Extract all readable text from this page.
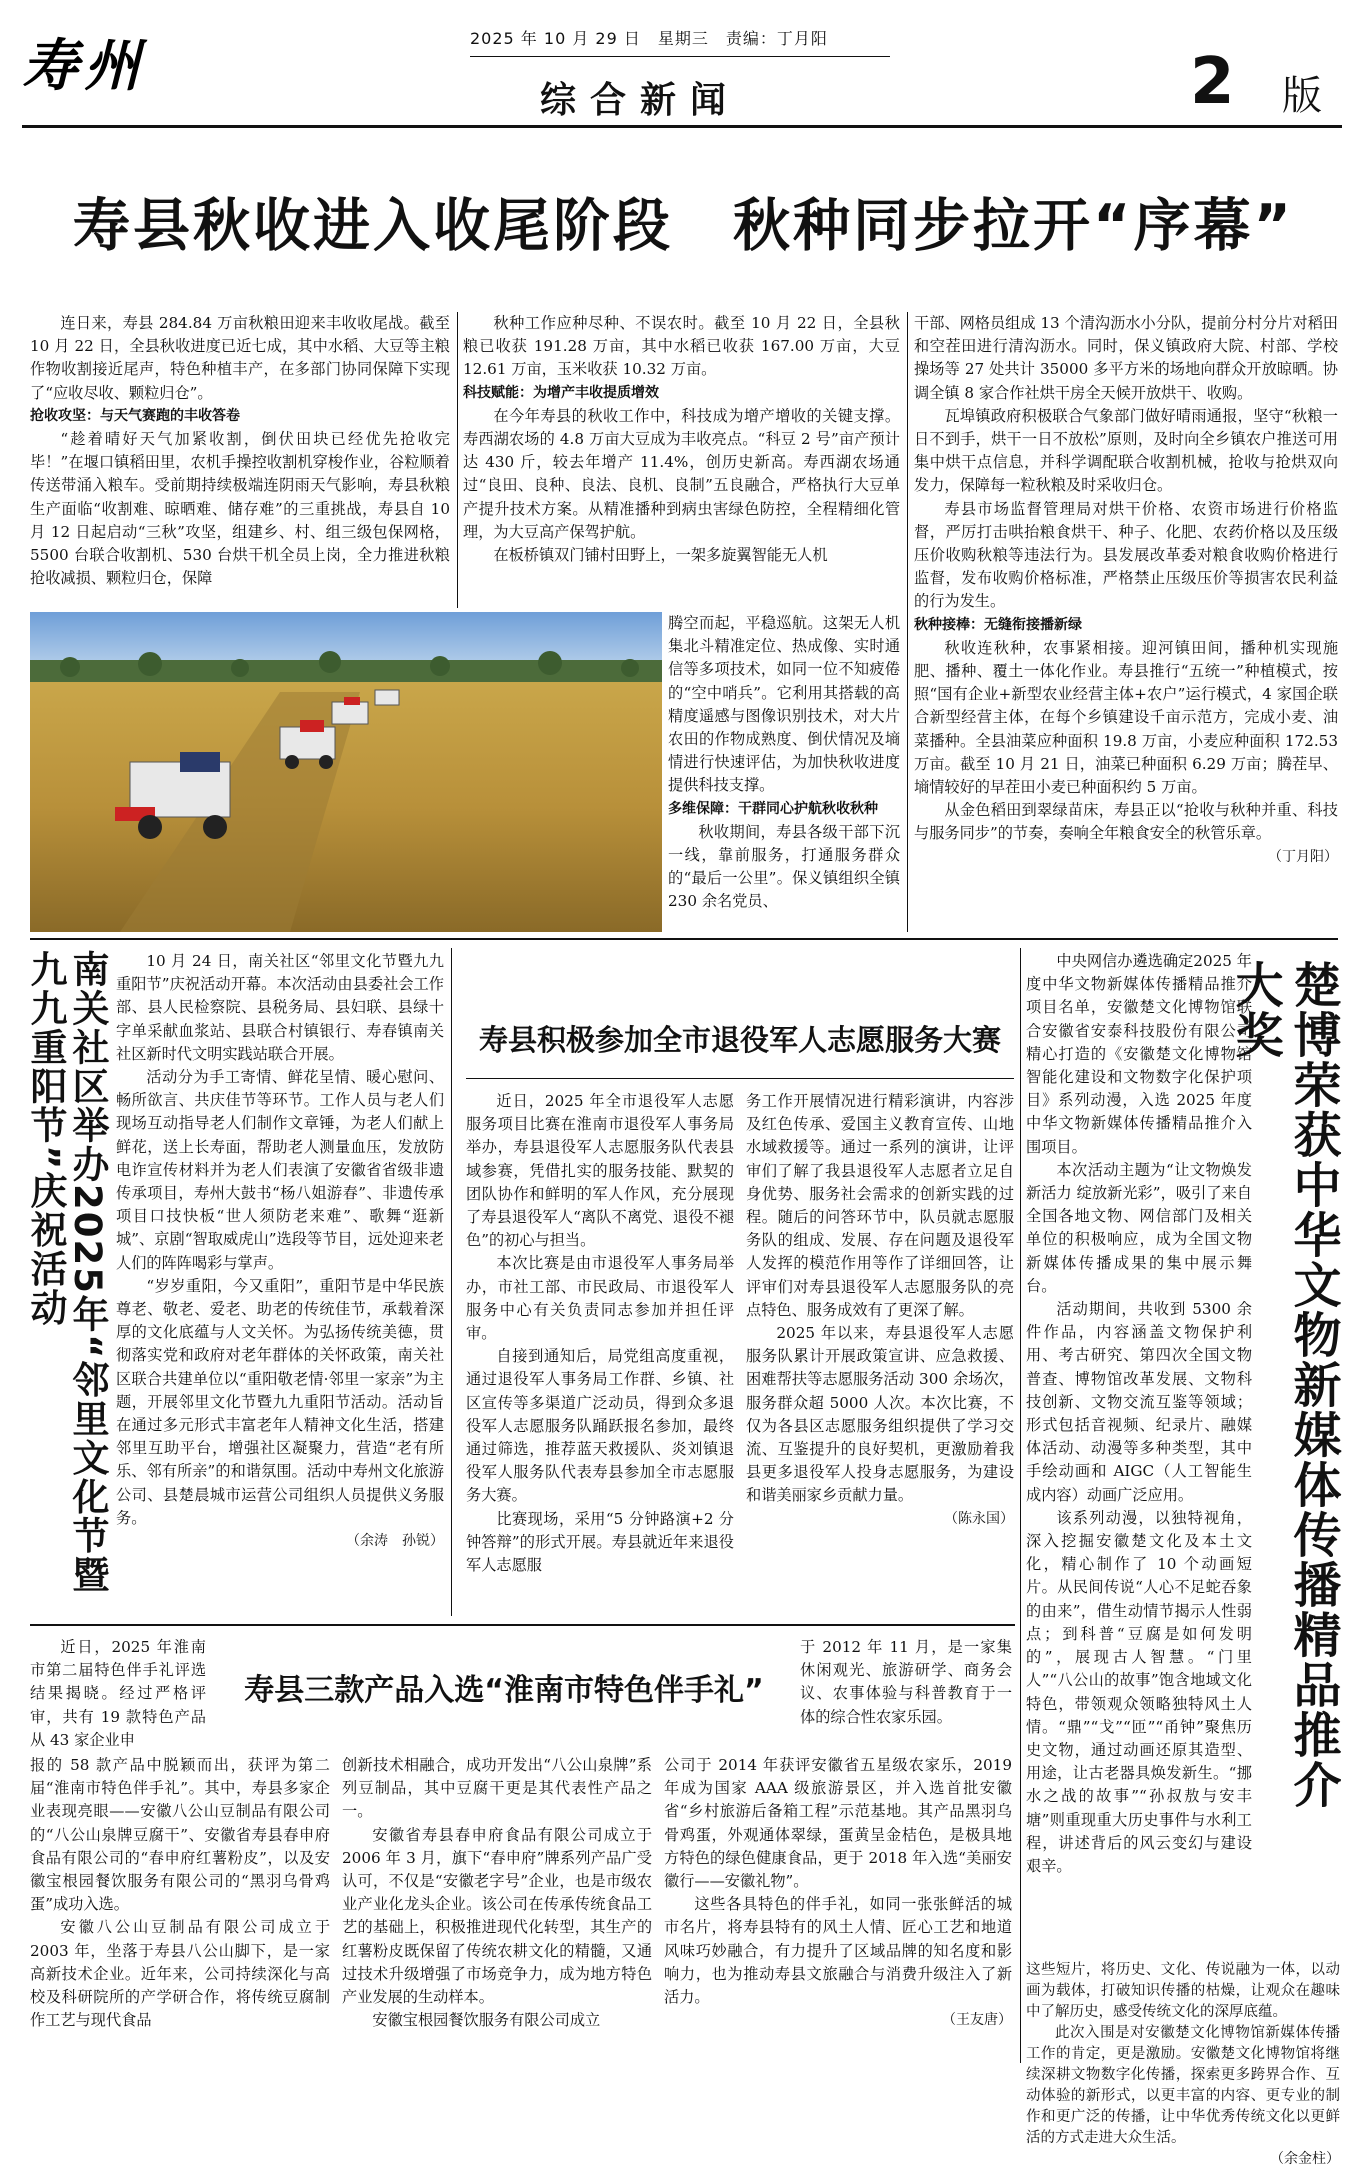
寿州	2025 年 10 月 29 日　星期三　责编：丁月阳
综合新闻	2 版
寿县秋收进入收尾阶段　秋种同步拉开“序幕”

连日来，寿县 284.84 万亩秋粮田迎来丰收收尾战。截至 10 月 22 日，全县秋收进度已近七成，其中水稻、大豆等主粮作物收割接近尾声，特色种植丰产，在多部门协同保障下实现了“应收尽收、颗粒归仓”。

抢收攻坚：与天气赛跑的丰收答卷

“趁着晴好天气加紧收割，倒伏田块已经优先抢收完毕！”在堰口镇稻田里，农机手操控收割机穿梭作业，谷粒顺着传送带涌入粮车。受前期持续极端连阴雨天气影响，寿县秋粮生产面临“收割难、晾晒难、储存难”的三重挑战，寿县自 10 月 12 日起启动“三秋”攻坚，组建乡、村、组三级包保网格，5500 台联合收割机、530 台烘干机全员上岗，全力推进秋粮抢收减损、颗粒归仓，保障

秋种工作应种尽种、不误农时。截至 10 月 22 日，全县秋粮已收获 191.28 万亩，其中水稻已收获 167.00 万亩，大豆 12.61 万亩，玉米收获 10.32 万亩。

科技赋能：为增产丰收提质增效

在今年寿县的秋收工作中，科技成为增产增收的关键支撑。寿西湖农场的 4.8 万亩大豆成为丰收亮点。“科豆 2 号”亩产预计达 430 斤，较去年增产 11.4%，创历史新高。寿西湖农场通过“良田、良种、良法、良机、良制”五良融合，严格执行大豆单产提升技术方案。从精准播种到病虫害绿色防控，全程精细化管理，为大豆高产保驾护航。

在板桥镇双门铺村田野上，一架多旋翼智能无人机

腾空而起，平稳巡航。这架无人机集北斗精准定位、热成像、实时通信等多项技术，如同一位不知疲倦的“空中哨兵”。它利用其搭载的高精度遥感与图像识别技术，对大片农田的作物成熟度、倒伏情况及墒情进行快速评估，为加快秋收进度提供科技支撑。

多维保障：干群同心护航秋收秋种

秋收期间，寿县各级干部下沉一线，靠前服务，打通服务群众的“最后一公里”。保义镇组织全镇230 余名党员、

干部、网格员组成 13 个清沟沥水小分队，提前分村分片对稻田和空茬田进行清沟沥水。同时，保义镇政府大院、村部、学校操场等 27 处共计 35000 多平方米的场地向群众开放晾晒。协调全镇 8 家合作社烘干房全天候开放烘干、收购。

瓦埠镇政府积极联合气象部门做好晴雨通报，坚守“秋粮一日不到手，烘干一日不放松”原则，及时向全乡镇农户推送可用集中烘干点信息，并科学调配联合收割机械，抢收与抢烘双向发力，保障每一粒秋粮及时采收归仓。

寿县市场监督管理局对烘干价格、农资市场进行价格监督，严厉打击哄抬粮食烘干、种子、化肥、农药价格以及压级压价收购秋粮等违法行为。县发展改革委对粮食收购价格进行监督，发布收购价格标准，严格禁止压级压价等损害农民利益的行为发生。

秋种接棒：无缝衔接播新绿

秋收连秋种，农事紧相接。迎河镇田间，播种机实现施肥、播种、覆土一体化作业。寿县推行“五统一”种植模式，按照“国有企业+新型农业经营主体+农户”运行模式，4 家国企联合新型经营主体，在每个乡镇建设千亩示范方，完成小麦、油菜播种。全县油菜应种面积 19.8 万亩，小麦应种面积 172.53 万亩。截至 10 月 21 日，油菜已种面积 6.29 万亩；腾茬早、墒情较好的早茬田小麦已种面积约 5 万亩。

从金色稻田到翠绿苗床，寿县正以“抢收与秋种并重、科技与服务同步”的节奏，奏响全年粮食安全的秋管乐章。

（丁月阳）
南关社区举办2025年“邻里文化节暨九九重阳节”庆祝活动	10 月 24 日，南关社区“邻里文化节暨九九重阳节”庆祝活动开幕。本次活动由县委社会工作部、县人民检察院、县税务局、县妇联、县绿十字单采献血浆站、县联合村镇银行、寿春镇南关社区新时代文明实践站联合开展。

活动分为手工寄情、鲜花呈情、暖心慰问、畅所欲言、共庆佳节等环节。工作人员与老人们现场互动指导老人们制作文章锤，为老人们献上鲜花，送上长寿面，帮助老人测量血压，发放防电诈宣传材料并为老人们表演了安徽省省级非遗传承项目，寿州大鼓书“杨八姐游春”、非遗传承项目口技快板“世人须防老来难”、歌舞“逛新城”、京剧“智取威虎山”选段等节目，远处迎来老人们的阵阵喝彩与掌声。

“岁岁重阳，今又重阳”，重阳节是中华民族尊老、敬老、爱老、助老的传统佳节，承载着深厚的文化底蕴与人文关怀。为弘扬传统美德，贯彻落实党和政府对老年群体的关怀政策，南关社区联合共建单位以“重阳敬老情·邻里一家亲”为主题，开展邻里文化节暨九九重阳节活动。活动旨在通过多元形式丰富老年人精神文化生活，搭建邻里互助平台，增强社区凝聚力，营造“老有所乐、邻有所亲”的和谐氛围。活动中寿州文化旅游公司、县楚晨城市运营公司组织人员提供义务服务。

（余涛　孙锐）
寿县积极参加全市退役军人志愿服务大赛

近日，2025 年全市退役军人志愿服务项目比赛在淮南市退役军人事务局举办，寿县退役军人志愿服务队代表县域参赛，凭借扎实的服务技能、默契的团队协作和鲜明的军人作风，充分展现了寿县退役军人“离队不离党、退役不褪色”的初心与担当。

本次比赛是由市退役军人事务局举办，市社工部、市民政局、市退役军人服务中心有关负责同志参加并担任评审。

自接到通知后，局党组高度重视，通过退役军人事务局工作群、乡镇、社区宣传等多渠道广泛动员，得到众多退役军人志愿服务队踊跃报名参加，最终通过筛选，推荐蓝天救援队、炎刘镇退役军人服务队代表寿县参加全市志愿服务大赛。

比赛现场，采用“5 分钟路演+2 分钟答辩”的形式开展。寿县就近年来退役军人志愿服

务工作开展情况进行精彩演讲，内容涉及红色传承、爱国主义教育宣传、山地水域救援等。通过一系列的演讲，让评审们了解了我县退役军人志愿者立足自身优势、服务社会需求的创新实践的过程。随后的问答环节中，队员就志愿服务队的组成、发展、存在问题及退役军人发挥的模范作用等作了详细回答，让评审们对寿县退役军人志愿服务队的亮点特色、服务成效有了更深了解。

2025 年以来，寿县退役军人志愿服务队累计开展政策宣讲、应急救援、困难帮扶等志愿服务活动 300 余场次，服务群众超 5000 人次。本次比赛，不仅为各县区志愿服务组织提供了学习交流、互鉴提升的良好契机，更激励着我县更多退役军人投身志愿服务，为建设和谐美丽家乡贡献力量。

（陈永国）

中央网信办遴选确定2025 年度中华文物新媒体传播精品推介项目名单，安徽楚文化博物馆联合安徽省安泰科技股份有限公司精心打造的《安徽楚文化博物馆智能化建设和文物数字化保护项目》系列动漫，入选 2025 年度中华文物新媒体传播精品推介入围项目。

本次活动主题为“让文物焕发新活力 绽放新光彩”，吸引了来自全国各地文物、网信部门及相关单位的积极响应，成为全国文物新媒体传播成果的集中展示舞台。

活动期间，共收到 5300 余件作品，内容涵盖文物保护利用、考古研究、第四次全国文物普查、博物馆改革发展、文物科技创新、文物交流互鉴等领域；形式包括音视频、纪录片、融媒体活动、动漫等多种类型，其中手绘动画和 AIGC（人工智能生成内容）动画广泛应用。

该系列动漫，以独特视角，深入挖掘安徽楚文化及本土文化，精心制作了 10 个动画短片。从民间传说“人心不足蛇吞象的由来”，借生动情节揭示人性弱点；到科普“豆腐是如何发明的”，展现古人智慧。“门里人”“八公山的故事”饱含地域文化特色，带领观众领略独特风土人情。“鼎”“戈”“匝”“甬钟”聚焦历史文物，通过动画还原其造型、用途，让古老器具焕发新生。“挪水之战的故事”“孙叔敖与安丰塘”则重现重大历史事件与水利工程，讲述背后的风云变幻与建设艰辛。

楚博荣获中华文物新媒体传播精品推介大奖

这些短片，将历史、文化、传说融为一体，以动画为载体，打破知识传播的枯燥，让观众在趣味中了解历史，感受传统文化的深厚底蕴。

此次入围是对安徽楚文化博物馆新媒体传播工作的肯定，更是激励。安徽楚文化博物馆将继续深耕文物数字化传播，探索更多跨界合作、互动体验的新形式，以更丰富的内容、更专业的制作和更广泛的传播，让中华优秀传统文化以更鲜活的方式走进大众生活。

（余金柱）

近日，2025 年淮南市第二届特色伴手礼评选结果揭晓。经过严格评审，共有 19 款特色产品从 43 家企业申

寿县三款产品入选“淮南市特色伴手礼”

于 2012 年 11 月，是一家集休闲观光、旅游研学、商务会议、农事体验与科普教育于一体的综合性农家乐园。

报的 58 款产品中脱颖而出，获评为第二届“淮南市特色伴手礼”。其中，寿县多家企业表现亮眼——安徽八公山豆制品有限公司的“八公山泉牌豆腐干”、安徽省寿县春申府食品有限公司的“春申府红薯粉皮”，以及安徽宝根园餐饮服务有限公司的“黑羽乌骨鸡蛋”成功入选。

安徽八公山豆制品有限公司成立于 2003 年，坐落于寿县八公山脚下，是一家高新技术企业。近年来，公司持续深化与高校及科研院所的产学研合作，将传统豆腐制作工艺与现代食品

创新技术相融合，成功开发出“八公山泉牌”系列豆制品，其中豆腐干更是其代表性产品之一。

安徽省寿县春申府食品有限公司成立于 2006 年 3 月，旗下“春申府”牌系列产品广受认可，不仅是“安徽老字号”企业，也是市级农业产业化龙头企业。该公司在传承传统食品工艺的基础上，积极推进现代化转型，其生产的红薯粉皮既保留了传统农耕文化的精髓，又通过技术升级增强了市场竞争力，成为地方特色产业发展的生动样本。

安徽宝根园餐饮服务有限公司成立

公司于 2014 年获评安徽省五星级农家乐，2019 年成为国家 AAA 级旅游景区，并入选首批安徽省“乡村旅游后备箱工程”示范基地。其产品黑羽乌骨鸡蛋，外观通体翠绿，蛋黄呈金桔色，是极具地方特色的绿色健康食品，更于 2018 年入选“美丽安徽行——安徽礼物”。

这些各具特色的伴手礼，如同一张张鲜活的城市名片，将寿县特有的风土人情、匠心工艺和地道风味巧妙融合，有力提升了区域品牌的知名度和影响力，也为推动寿县文旅融合与消费升级注入了新活力。

（王友唐）
